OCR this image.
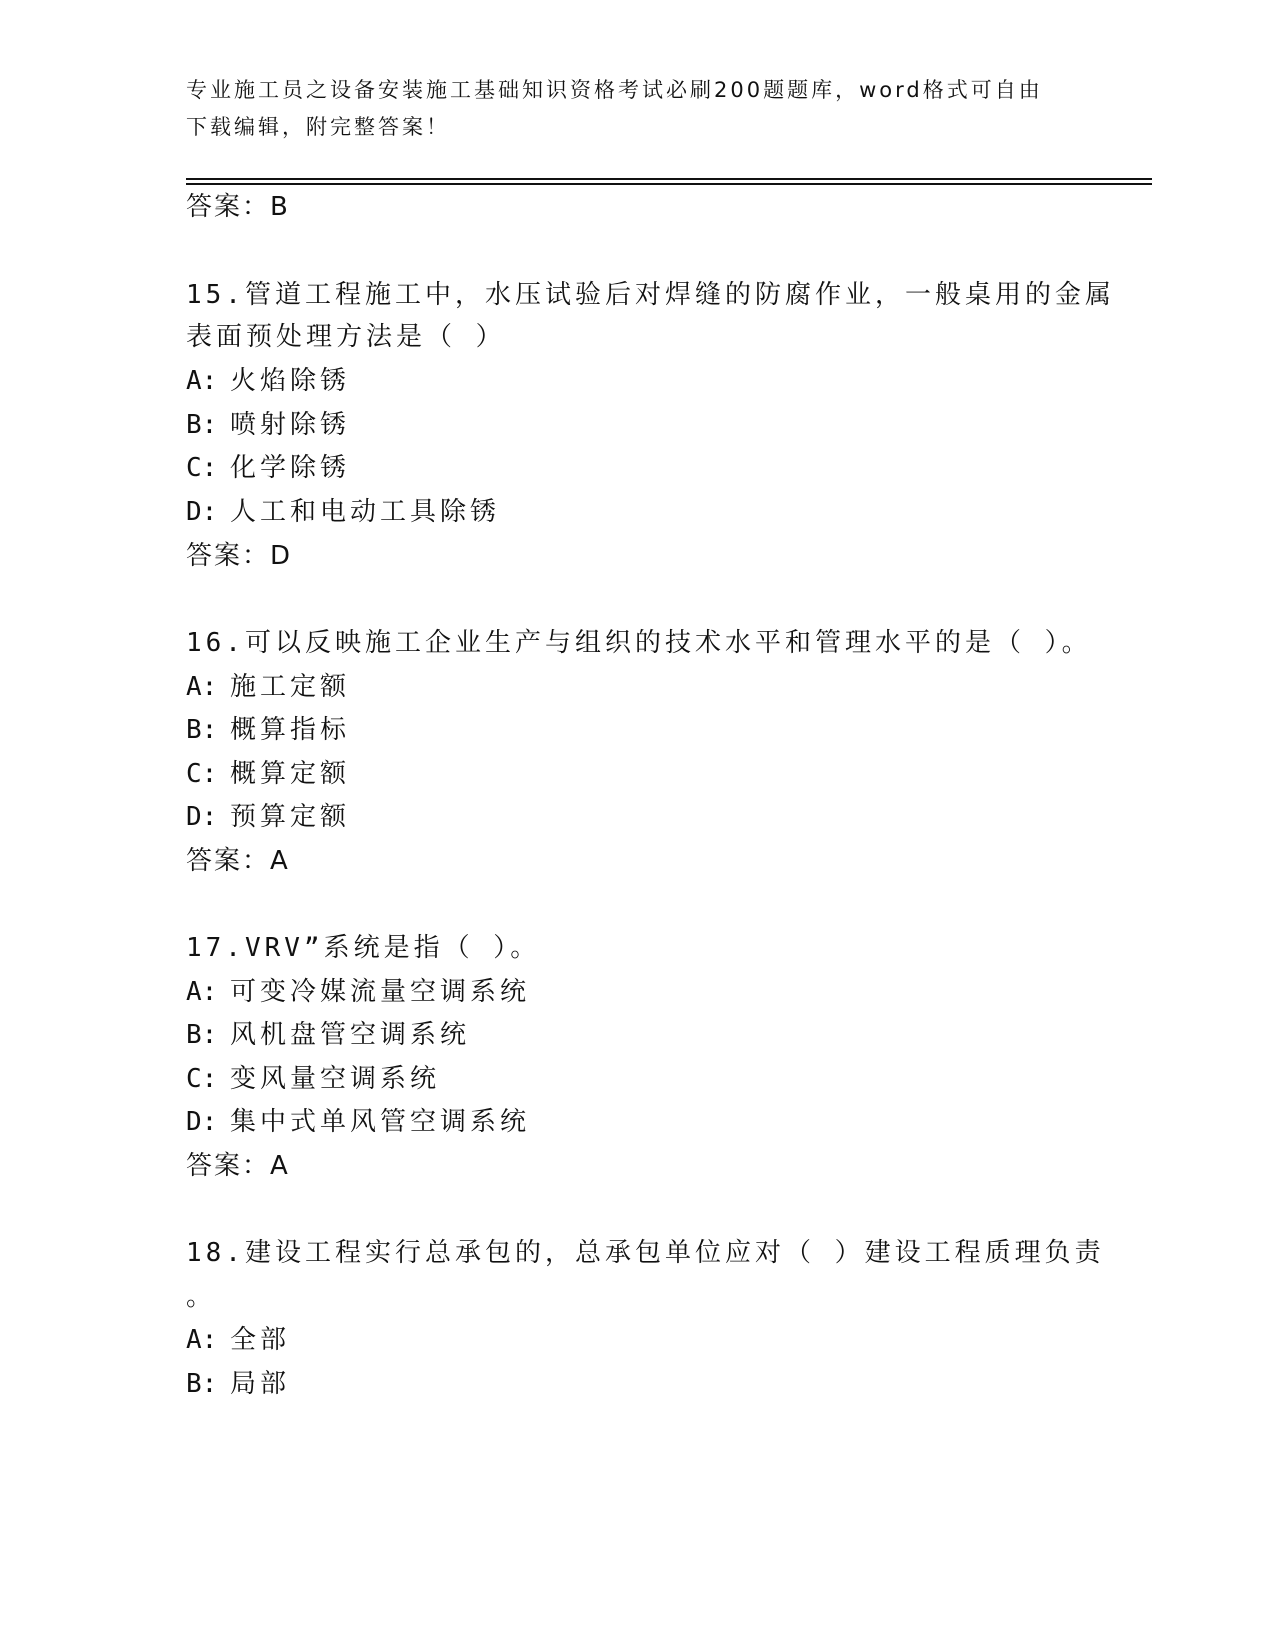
专业施工员之设备安装施工基础知识资格考试必刷200题题库，word格式可自由
下载编辑，附完整答案！
答案：B
15.管道工程施工中，水压试验后对焊缝的防腐作业，一般桌用的金属
表面预处理方法是（ ）
A: 火焰除锈
B: 喷射除锈
C: 化学除锈
D: 人工和电动工具除锈
答案：D
16.可以反映施工企业生产与组织的技术水平和管理水平的是（ ）。
A: 施工定额
B: 概算指标
C: 概算定额
D: 预算定额
答案：A
17.VRV”系统是指（ ）。
A: 可变冷媒流量空调系统
B: 风机盘管空调系统
C: 变风量空调系统
D: 集中式单风管空调系统
答案：A
18.建设工程实行总承包的，总承包单位应对（ ）建设工程质理负责
。
A: 全部
B: 局部
